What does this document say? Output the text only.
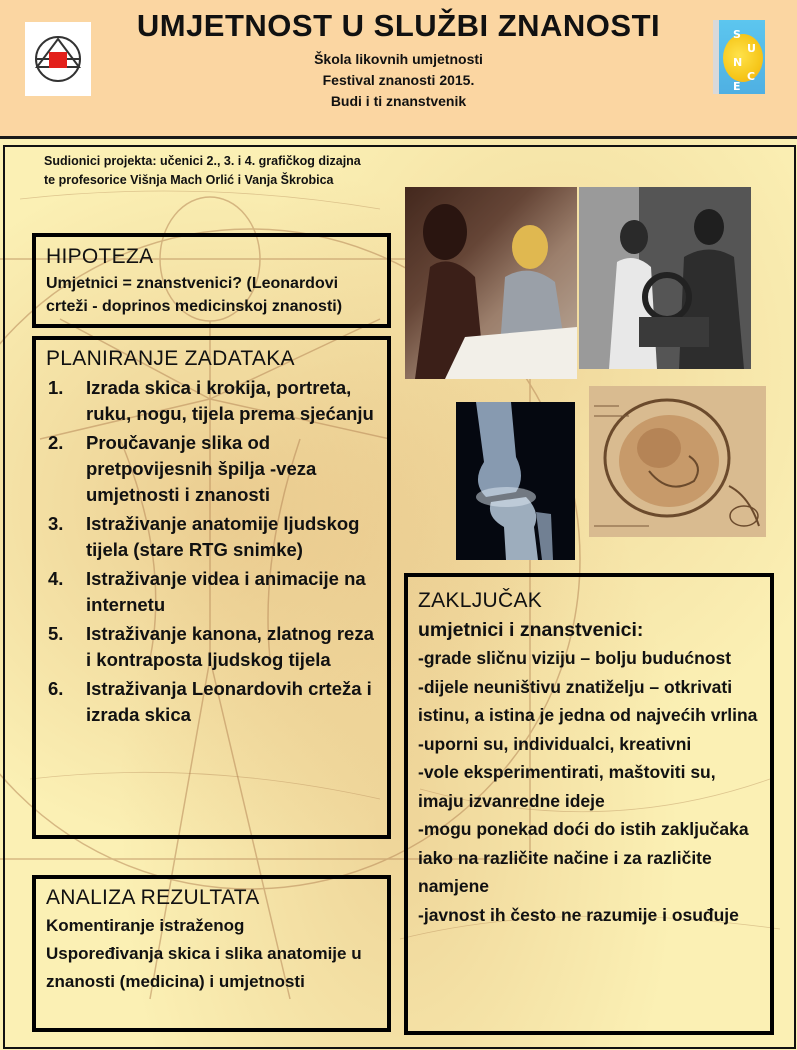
UMJETNOST U SLUŽBI ZNANOSTI
Škola likovnih umjetnosti
Festival znanosti 2015.
Budi i ti znanstvenik
S
U
N
C
E
Sudionici projekta: učenici 2., 3. i 4. grafičkog dizajna te profesorice Višnja Mach Orlić i Vanja Škrobica
HIPOTEZA

Umjetnici = znanstvenici? (Leonardovi crteži - doprinos medicinskoj znanosti)

PLANIRANJE ZADATAKA
1. Izrada skica i krokija, portreta, ruku, nogu, tijela prema sjećanju
2. Proučavanje slika od pretpovijesnih špilja -veza umjetnosti i znanosti
3. Istraživanje anatomije ljudskog tijela (stare RTG snimke)
4. Istraživanje videa i animacije na internetu
5. Istraživanje kanona, zlatnog reza i kontraposta ljudskog tijela
6. Istraživanja Leonardovih crteža i izrada skica
ANALIZA REZULTATA

Komentiranje istraženog

Uspoređivanja skica i slika anatomije u znanosti (medicina) i umjetnosti

ZAKLJUČAK
umjetnici i znanstvenici:
-grade sličnu viziju – bolju budućnost
-dijele neuništivu znatiželju – otkrivati istinu, a istina je jedna od najvećih vrlina
-uporni su, individualci, kreativni
-vole eksperimentirati, maštoviti su, imaju izvanredne ideje
-mogu ponekad doći do istih zaključaka iako na različite načine i za različite namjene
-javnost ih često ne razumije i osuđuje
